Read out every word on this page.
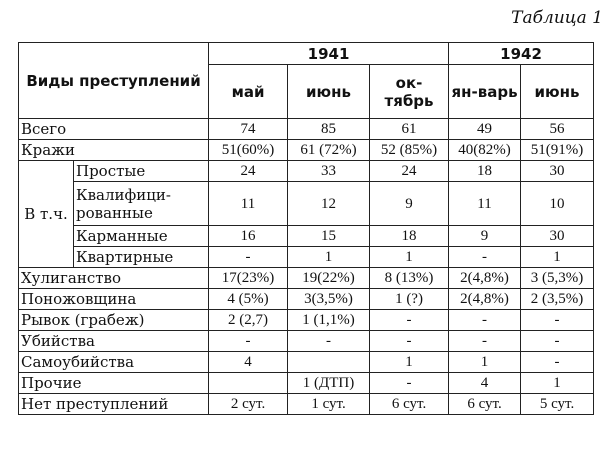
Таблица 1
Виды преступлений		1941			1942	
		май	июнь	ок-тябрь	ян-варь	июнь
Всего		74	85	61	49	56
Кражи		51(60%)	61 (72%)	52 (85%)	40(82%)	51(91%)
В т.ч.	Простые	24	33	24	18	30
	Квалифици-рованные	11	12	9	11	10
	Карманные	16	15	18	9	30
	Квартирные	-	1	1	-	1
Хулиганство		17(23%)	19(22%)	8 (13%)	2(4,8%)	3 (5,3%)
Поножовщина		4 (5%)	3(3,5%)	1 (?)	2(4,8%)	2 (3,5%)
Рывок (грабеж)		2 (2,7)	1 (1,1%)	-	-	-
Убийства		-	-	-	-	-
Самоубийства		4		1	1	-
Прочие			1 (ДТП)	-	4	1
Нет преступлений		2 сут.	1 сут.	6 сут.	6 сут.	5 сут.
